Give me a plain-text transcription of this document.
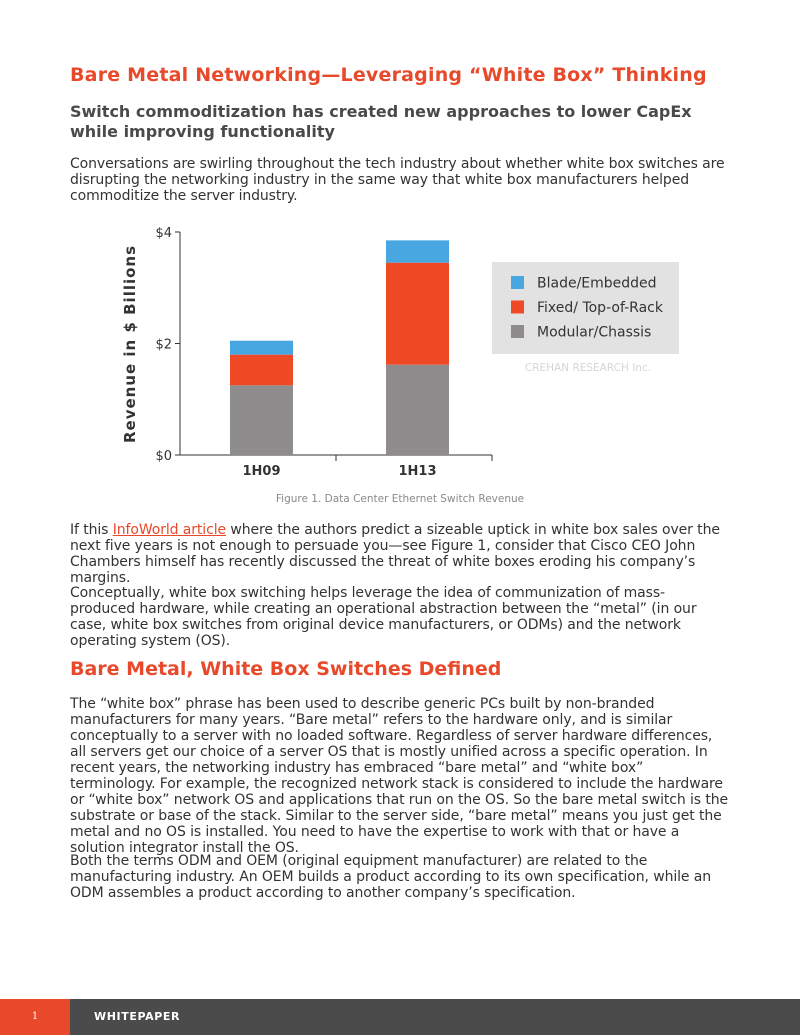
Bare Metal Networking—Leveraging “White Box” Thinking
Switch commoditization has created new approaches to lower CapEx while improving functionality

Conversations are swirling throughout the tech industry about whether white box switches are disrupting the networking industry in the same way that white box manufacturers helped commoditize the server industry.

Revenue in $ Billions
$0
$2
$4
1H09	1H13
Blade/Embedded
Fixed/ Top-of-Rack
Modular/Chassis
CREHAN RESEARCH Inc.
Figure 1. Data Center Ethernet Switch Revenue

If this InfoWorld article where the authors predict a sizeable uptick in white box sales over the next five years is not enough to persuade you—see Figure 1, consider that Cisco CEO John Chambers himself has recently discussed the threat of white boxes eroding his company’s margins.

Conceptually, white box switching helps leverage the idea of communization of mass-produced hardware, while creating an operational abstraction between the “metal” (in our case, white box switches from original device manufacturers, or ODMs) and the network operating system (OS).

Bare Metal, White Box Switches Defined

The “white box” phrase has been used to describe generic PCs built by non-branded manufacturers for many years. “Bare metal” refers to the hardware only, and is similar conceptually to a server with no loaded software. Regardless of server hardware differences, all servers get our choice of a server OS that is mostly unified across a specific operation. In recent years, the networking industry has embraced “bare metal” and “white box” terminology. For example, the recognized network stack is considered to include the hardware or “white box” network OS and applications that run on the OS. So the bare metal switch is the substrate or base of the stack. Similar to the server side, “bare metal” means you just get the metal and no OS is installed. You need to have the expertise to work with that or have a solution integrator install the OS.

Both the terms ODM and OEM (original equipment manufacturer) are related to the manufacturing industry. An OEM builds a product according to its own specification, while an ODM assembles a product according to another company’s specification.

1	WHITEPAPER
